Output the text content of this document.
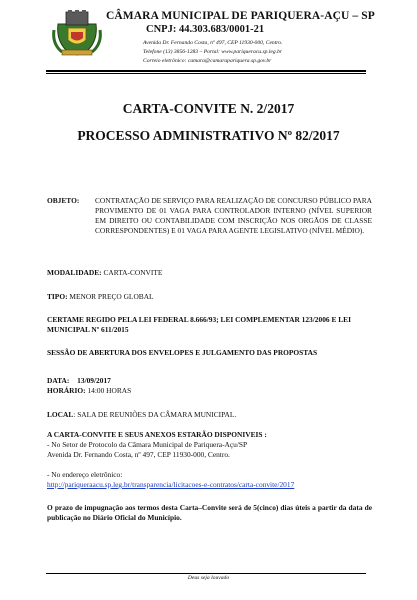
CÂMARA MUNICIPAL DE PARIQUERA-AÇU – SP
CNPJ: 44.303.683/0001-21
Avenida Dr. Fernando Costa, nº 497, CEP 11930-000, Centro.
Telefone (13) 3856-1283 – Portal: www.pariqueracu.sp.leg.br
Correio eletrônico: camara@camarapariquera.sp.gov.br
CARTA-CONVITE N. 2/2017
PROCESSO ADMINISTRATIVO Nº 82/2017
OBJETO: CONTRATAÇÃO DE SERVIÇO PARA REALIZAÇÃO DE CONCURSO PÚBLICO PARA PROVIMENTO DE 01 VAGA PARA CONTROLADOR INTERNO (NÍVEL SUPERIOR EM DIREITO OU CONTABILIDADE COM INSCRIÇÃO NOS ORGÃOS DE CLASSE CORRESPONDENTES) E 01 VAGA PARA AGENTE LEGISLATIVO (NÍVEL MÉDIO).
MODALIDADE: CARTA-CONVITE
TIPO: MENOR PREÇO GLOBAL
CERTAME REGIDO PELA LEI FEDERAL 8.666/93; LEI COMPLEMENTAR 123/2006 E LEI MUNICIPAL Nº 611/2015
SESSÃO DE ABERTURA DOS ENVELOPES E JULGAMENTO DAS PROPOSTAS
DATA: 13/09/2017
HORÁRIO: 14:00 HORAS
LOCAL: SALA DE REUNIÕES DA CÂMARA MUNICIPAL.
A CARTA-CONVITE E SEUS ANEXOS ESTARÃO DISPONIVEIS :
- No Setor de Protocolo da Câmara Municipal de Pariquera-Açu/SP
Avenida Dr. Fernando Costa, nº 497, CEP 11930-000, Centro.
- No endereço eletrônico:
http://pariqueraacu.sp.leg.br/transparencia/licitacoes-e-contratos/carta-convite/2017
O prazo de impugnação aos termos desta Carta–Convite será de 5(cinco) dias úteis a partir da data de publicação no Diário Oficial do Município.
Deus seja louvado
